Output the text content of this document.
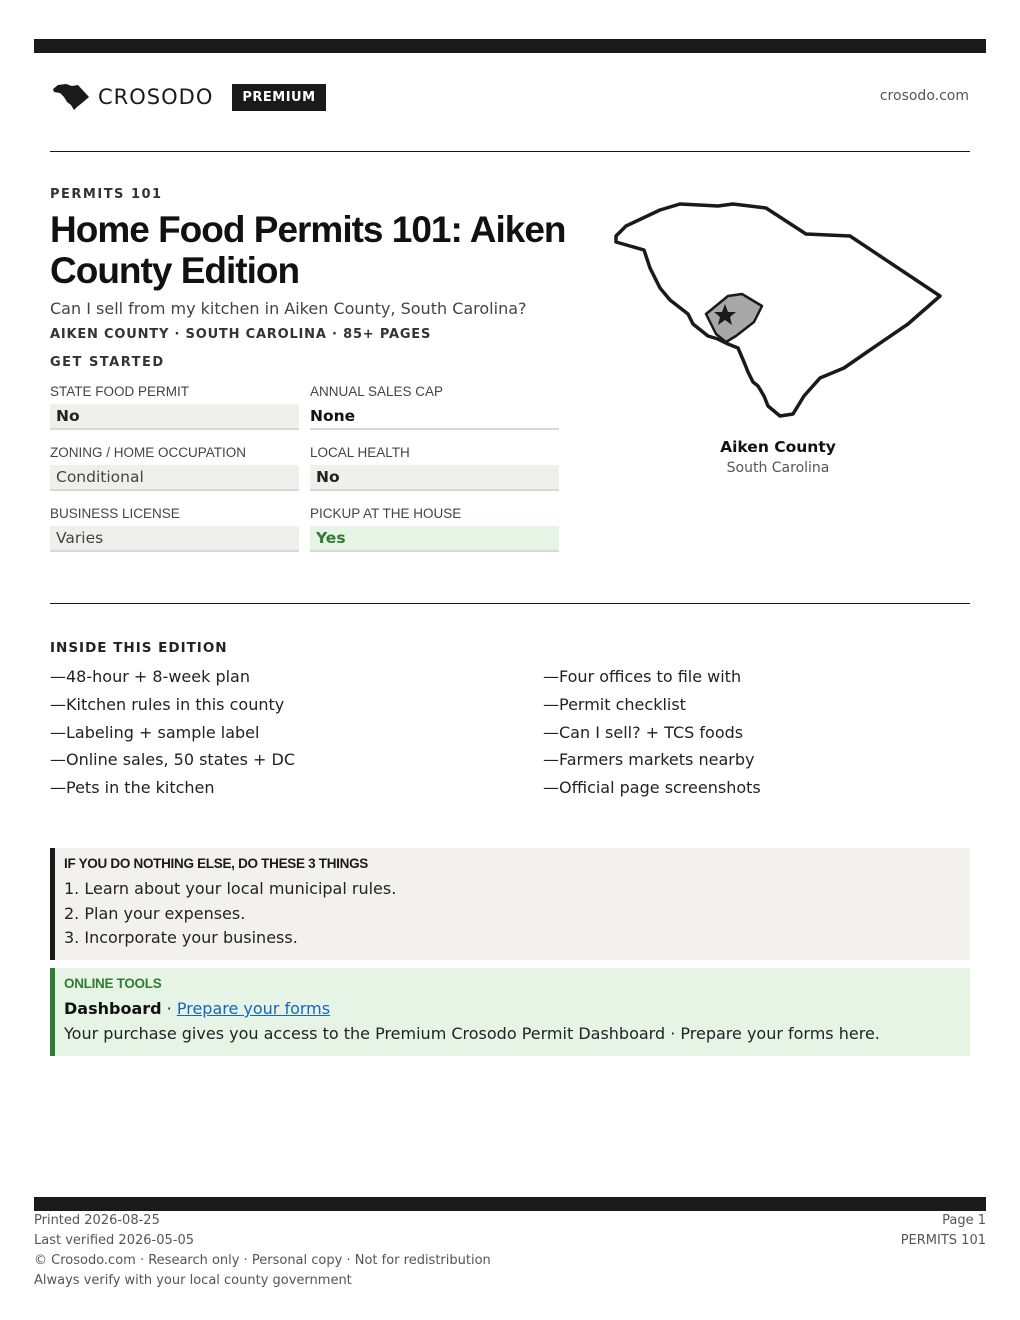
CROSODO	PREMIUM	crosodo.com
PERMITS 101
Home Food Permits 101: Aiken County Edition
Can I sell from my kitchen in Aiken County, South Carolina?
AIKEN COUNTY · SOUTH CAROLINA · 85+ PAGES
GET STARTED
STATE FOOD PERMIT
No
ANNUAL SALES CAP
None
ZONING / HOME OCCUPATION
Conditional
LOCAL HEALTH
No
BUSINESS LICENSE
Varies
PICKUP AT THE HOUSE
Yes
Aiken County
South Carolina
INSIDE THIS EDITION
—48-hour + 8-week plan
—Kitchen rules in this county
—Labeling + sample label
—Online sales, 50 states + DC
—Pets in the kitchen
—Four offices to file with
—Permit checklist
—Can I sell? + TCS foods
—Farmers markets nearby
—Official page screenshots
IF YOU DO NOTHING ELSE, DO THESE 3 THINGS
1. Learn about your local municipal rules.
2. Plan your expenses.
3. Incorporate your business.
ONLINE TOOLS
Dashboard · Prepare your forms
Your purchase gives you access to the Premium Crosodo Permit Dashboard · Prepare your forms here.
Printed 2026-08-25
Last verified 2026-05-05
© Crosodo.com · Research only · Personal copy · Not for redistribution
Always verify with your local county government
Page 1
PERMITS 101
